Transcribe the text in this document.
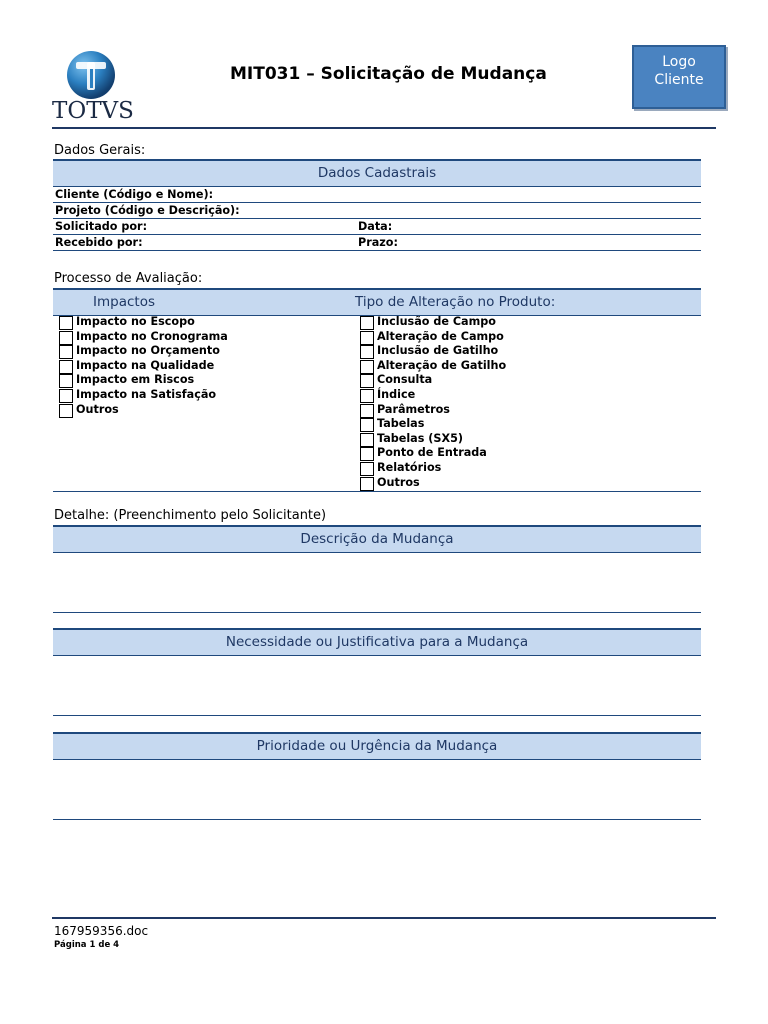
TOTVS
MIT031 – Solicitação de Mudança
Logo
Cliente
Dados Gerais:
Dados Cadastrais
Cliente (Código e Nome):
Projeto (Código e Descrição):
Solicitado por:	Data:
Recebido por:	Prazo:
Processo de Avaliação:
Impactos	Tipo de Alteração no Produto:
Impacto no Escopo
Impacto no Cronograma
Impacto no Orçamento
Impacto na Qualidade
Impacto em Riscos
Impacto na Satisfação
Outros
Inclusão de Campo
Alteração de Campo
Inclusão de Gatilho
Alteração de Gatilho
Consulta
Índice
Parâmetros
Tabelas
Tabelas (SX5)
Ponto de Entrada
Relatórios
Outros
Detalhe: (Preenchimento pelo Solicitante)
Descrição da Mudança
Necessidade ou Justificativa para a Mudança
Prioridade ou Urgência da Mudança
167959356.doc
Página 1 de 4
